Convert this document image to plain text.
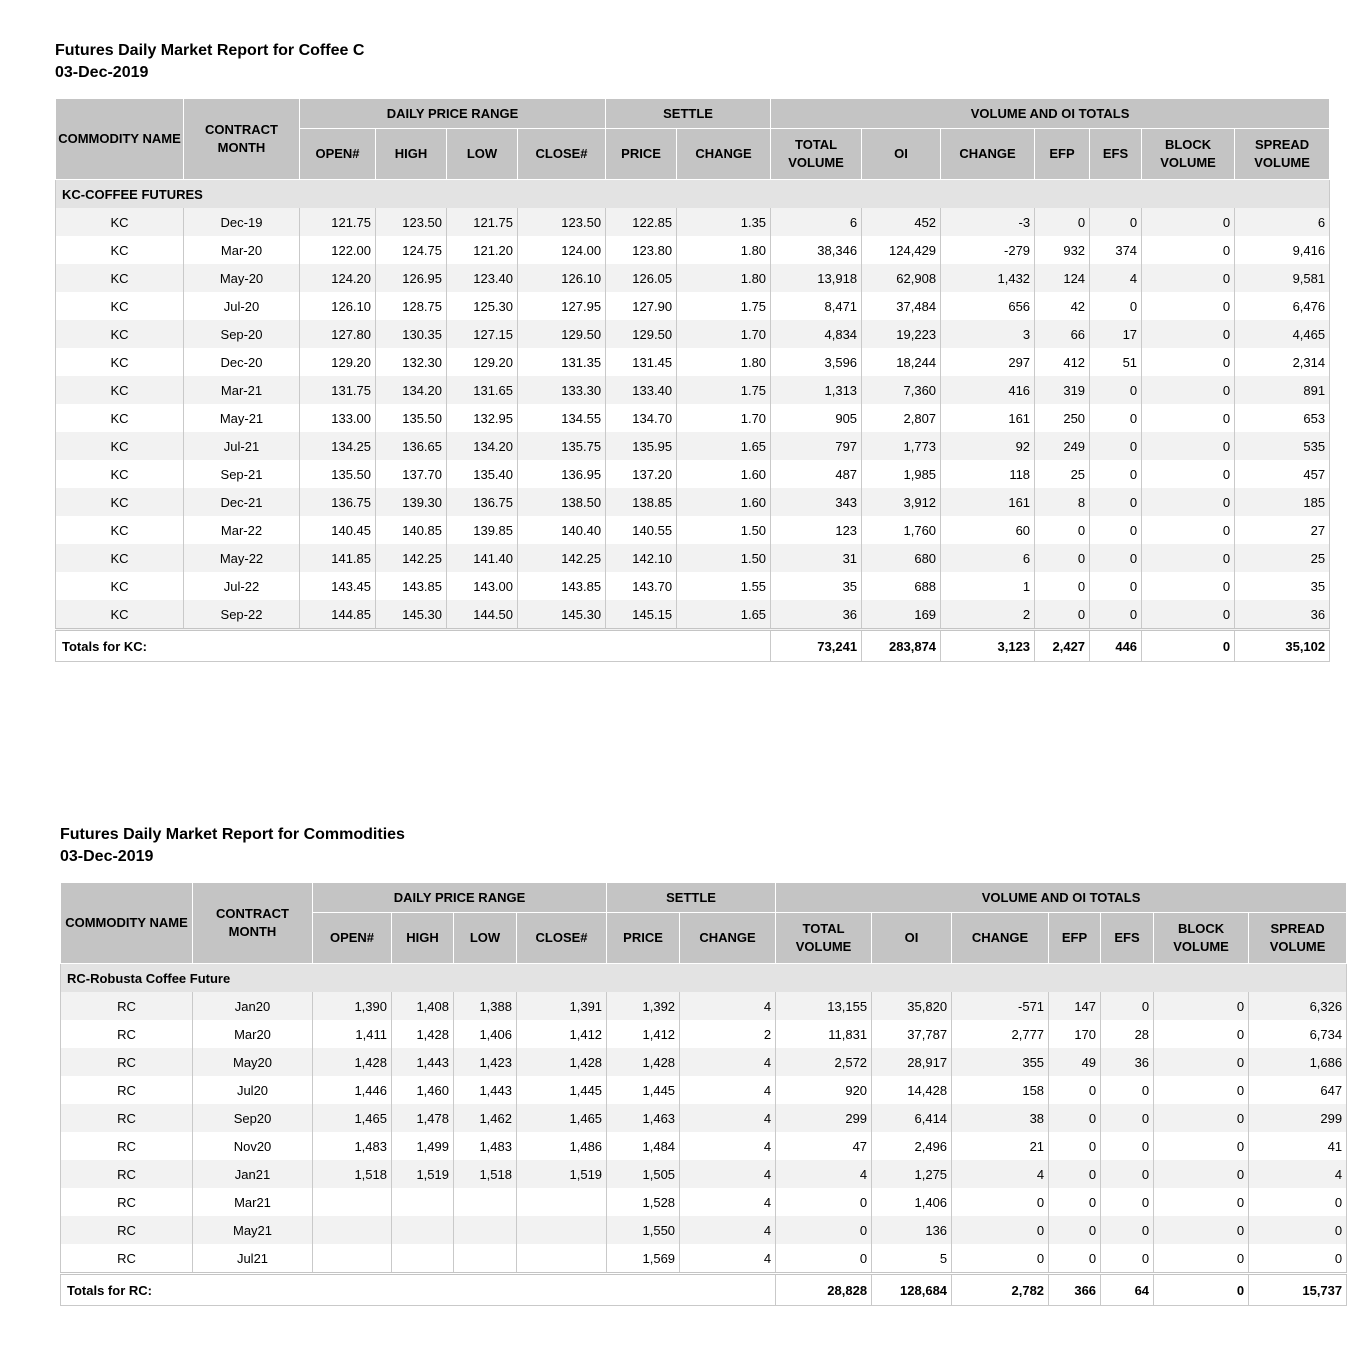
Futures Daily Market Report for Coffee C
03-Dec-2019
COMMODITY NAME	CONTRACT MONTH	DAILY PRICE RANGE				SETTLE		VOLUME AND OI TOTALS						
		OPEN#	HIGH	LOW	CLOSE#	PRICE	CHANGE	TOTAL VOLUME	OI	CHANGE	EFP	EFS	BLOCK VOLUME	SPREAD VOLUME
KC-COFFEE FUTURES														
KC	Dec-19	121.75	123.50	121.75	123.50	122.85	1.35	6	452	-3	0	0	0	6
KC	Mar-20	122.00	124.75	121.20	124.00	123.80	1.80	38,346	124,429	-279	932	374	0	9,416
KC	May-20	124.20	126.95	123.40	126.10	126.05	1.80	13,918	62,908	1,432	124	4	0	9,581
KC	Jul-20	126.10	128.75	125.30	127.95	127.90	1.75	8,471	37,484	656	42	0	0	6,476
KC	Sep-20	127.80	130.35	127.15	129.50	129.50	1.70	4,834	19,223	3	66	17	0	4,465
KC	Dec-20	129.20	132.30	129.20	131.35	131.45	1.80	3,596	18,244	297	412	51	0	2,314
KC	Mar-21	131.75	134.20	131.65	133.30	133.40	1.75	1,313	7,360	416	319	0	0	891
KC	May-21	133.00	135.50	132.95	134.55	134.70	1.70	905	2,807	161	250	0	0	653
KC	Jul-21	134.25	136.65	134.20	135.75	135.95	1.65	797	1,773	92	249	0	0	535
KC	Sep-21	135.50	137.70	135.40	136.95	137.20	1.60	487	1,985	118	25	0	0	457
KC	Dec-21	136.75	139.30	136.75	138.50	138.85	1.60	343	3,912	161	8	0	0	185
KC	Mar-22	140.45	140.85	139.85	140.40	140.55	1.50	123	1,760	60	0	0	0	27
KC	May-22	141.85	142.25	141.40	142.25	142.10	1.50	31	680	6	0	0	0	25
KC	Jul-22	143.45	143.85	143.00	143.85	143.70	1.55	35	688	1	0	0	0	35
KC	Sep-22	144.85	145.30	144.50	145.30	145.15	1.65	36	169	2	0	0	0	36
Totals for KC:								73,241	283,874	3,123	2,427	446	0	35,102
Futures Daily Market Report for Commodities
03-Dec-2019
COMMODITY NAME	CONTRACT MONTH	DAILY PRICE RANGE				SETTLE		VOLUME AND OI TOTALS						
		OPEN#	HIGH	LOW	CLOSE#	PRICE	CHANGE	TOTAL VOLUME	OI	CHANGE	EFP	EFS	BLOCK VOLUME	SPREAD VOLUME
RC-Robusta Coffee Future														
RC	Jan20	1,390	1,408	1,388	1,391	1,392	4	13,155	35,820	-571	147	0	0	6,326
RC	Mar20	1,411	1,428	1,406	1,412	1,412	2	11,831	37,787	2,777	170	28	0	6,734
RC	May20	1,428	1,443	1,423	1,428	1,428	4	2,572	28,917	355	49	36	0	1,686
RC	Jul20	1,446	1,460	1,443	1,445	1,445	4	920	14,428	158	0	0	0	647
RC	Sep20	1,465	1,478	1,462	1,465	1,463	4	299	6,414	38	0	0	0	299
RC	Nov20	1,483	1,499	1,483	1,486	1,484	4	47	2,496	21	0	0	0	41
RC	Jan21	1,518	1,519	1,518	1,519	1,505	4	4	1,275	4	0	0	0	4
RC	Mar21					1,528	4	0	1,406	0	0	0	0	0
RC	May21					1,550	4	0	136	0	0	0	0	0
RC	Jul21					1,569	4	0	5	0	0	0	0	0
Totals for RC:								28,828	128,684	2,782	366	64	0	15,737
